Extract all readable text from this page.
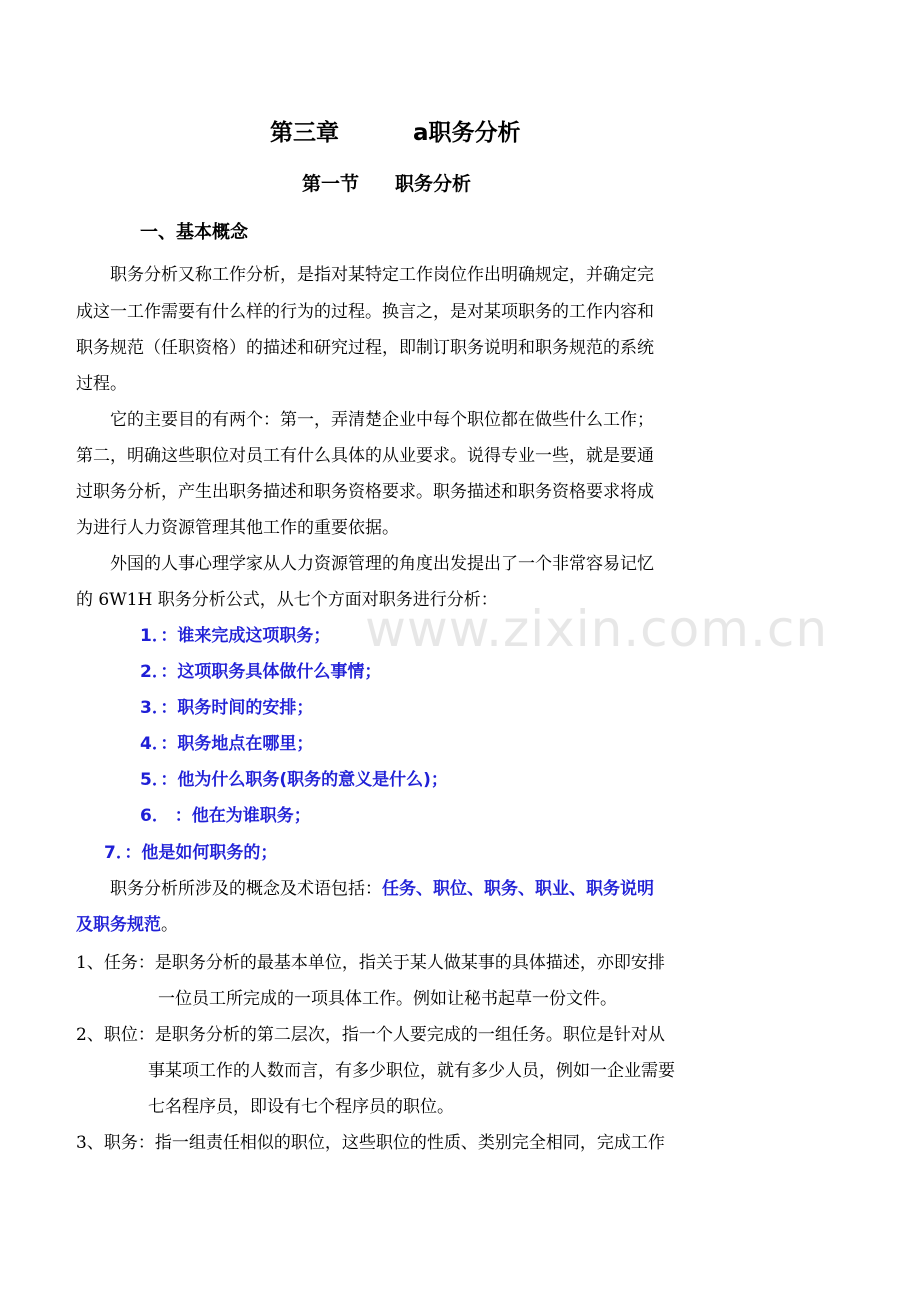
www.zixin.com.cn
第三章	a职务分析
第一节 职务分析
一、基本概念
职务分析又称工作分析，是指对某特定工作岗位作出明确规定，并确定完
成这一工作需要有什么样的行为的过程。换言之，是对某项职务的工作内容和
职务规范（任职资格）的描述和研究过程，即制订职务说明和职务规范的系统
过程。
它的主要目的有两个：第一，弄清楚企业中每个职位都在做些什么工作；
第二，明确这些职位对员工有什么具体的从业要求。说得专业一些，就是要通
过职务分析，产生出职务描述和职务资格要求。职务描述和职务资格要求将成
为进行人力资源管理其他工作的重要依据。
外国的人事心理学家从人力资源管理的角度出发提出了一个非常容易记忆
的 6W1H 职务分析公式，从七个方面对职务进行分析：
1．：谁来完成这项职务；
2．：这项职务具体做什么事情；
3．：职务时间的安排；
4．：职务地点在哪里；
5．：他为什么职务(职务的意义是什么)；
6． ：他在为谁职务；
7．：他是如何职务的；
职务分析所涉及的概念及术语包括：任务、职位、职务、职业、职务说明
及职务规范。
1、任务：是职务分析的最基本单位，指关于某人做某事的具体描述，亦即安排
一位员工所完成的一项具体工作。例如让秘书起草一份文件。
2、职位：是职务分析的第二层次，指一个人要完成的一组任务。职位是针对从
事某项工作的人数而言，有多少职位，就有多少人员，例如一企业需要
七名程序员，即设有七个程序员的职位。
3、职务：指一组责任相似的职位，这些职位的性质、类别完全相同，完成工作
